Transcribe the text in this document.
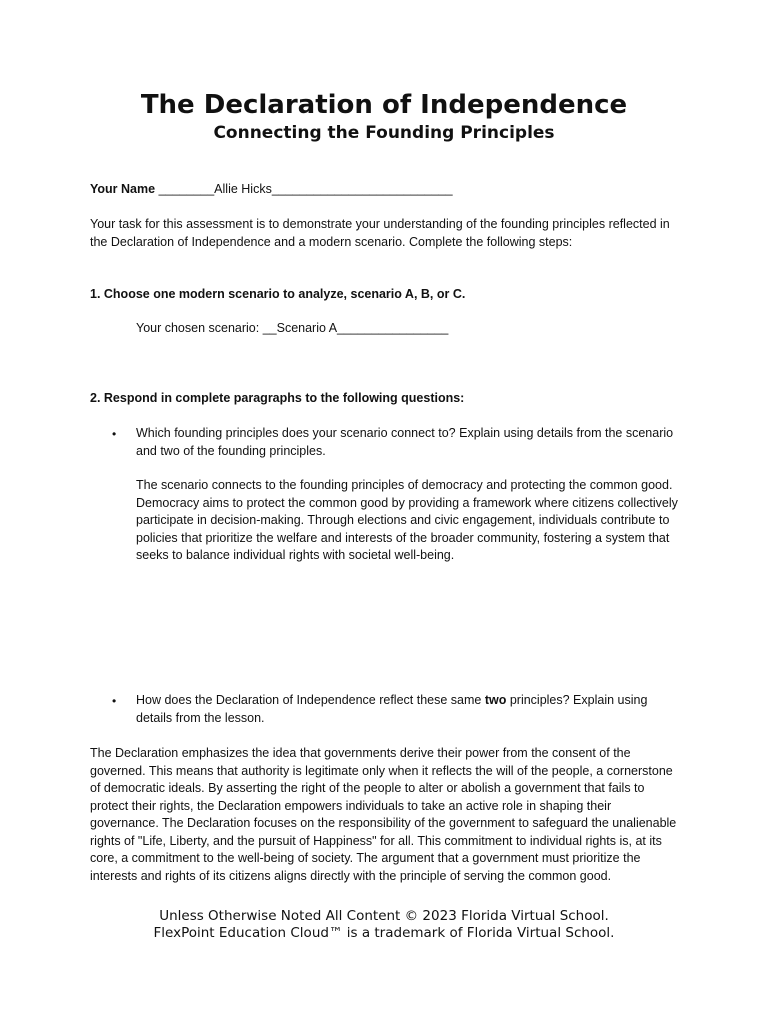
The Declaration of Independence
Connecting the Founding Principles
Your Name ________Allie Hicks__________________________
Your task for this assessment is to demonstrate your understanding of the founding principles reflected in the Declaration of Independence and a modern scenario. Complete the following steps:
1. Choose one modern scenario to analyze, scenario A, B, or C.
Your chosen scenario: __Scenario A________________
2. Respond in complete paragraphs to the following questions:
• Which founding principles does your scenario connect to? Explain using details from the scenario and two of the founding principles.
The scenario connects to the founding principles of democracy and protecting the common good. Democracy aims to protect the common good by providing a framework where citizens collectively participate in decision-making. Through elections and civic engagement, individuals contribute to policies that prioritize the welfare and interests of the broader community, fostering a system that seeks to balance individual rights with societal well-being.
• How does the Declaration of Independence reflect these same two principles? Explain using details from the lesson.
The Declaration emphasizes the idea that governments derive their power from the consent of the governed. This means that authority is legitimate only when it reflects the will of the people, a cornerstone of democratic ideals. By asserting the right of the people to alter or abolish a government that fails to protect their rights, the Declaration empowers individuals to take an active role in shaping their governance. The Declaration focuses on the responsibility of the government to safeguard the unalienable rights of "Life, Liberty, and the pursuit of Happiness" for all. This commitment to individual rights is, at its core, a commitment to the well-being of society. The argument that a government must prioritize the interests and rights of its citizens aligns directly with the principle of serving the common good.
Unless Otherwise Noted All Content © 2023 Florida Virtual School.
FlexPoint Education Cloud™ is a trademark of Florida Virtual School.
